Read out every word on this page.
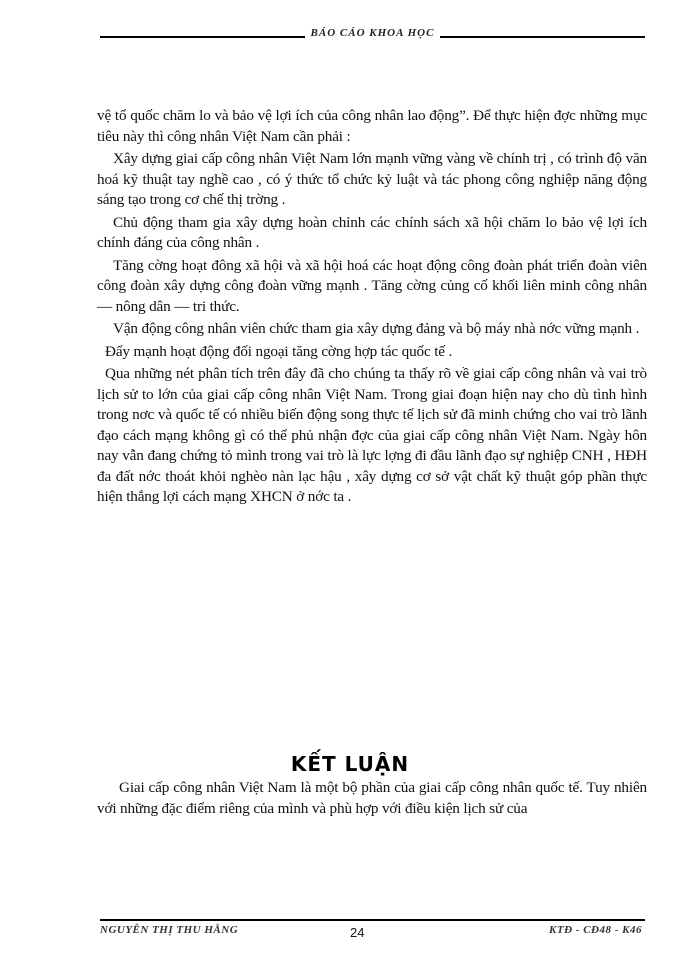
BÁO CÁO KHOA HỌC

vệ tổ quốc chăm lo và bảo vệ lợi ích của công nhân lao động”. Để thực hiện đợc những mục tiêu này thì công nhân Việt Nam cần phải :

Xây dựng giai cấp công nhân Việt Nam lớn mạnh vững vàng về chính trị , có trình độ văn hoá kỹ thuật tay nghề cao , có ý thức tổ chức kỷ luật và tác phong công nghiệp năng động sáng tạo trong cơ chế thị trờng .

Chủ động tham gia xây dựng hoàn chỉnh các chính sách xã hội chăm lo bảo vệ lợi ích chính đáng của công nhân .

Tăng cờng hoạt đông xã hội và xã hội hoá các hoạt động công đoàn phát triển đoàn viên công đoàn xây dựng công đoàn vững mạnh . Tăng cờng củng cố khối liên minh công nhân — nông dân — tri thức.

Vận động công nhân viên chức tham gia xây dựng đảng và bộ máy nhà nớc vững mạnh .

Đẩy mạnh hoạt động đối ngoại tăng cờng hợp tác quốc tế .

Qua những nét phân tích trên đây đã cho chúng ta thấy rõ về giai cấp công nhân và vai trò lịch sử to lớn của giai cấp công nhân Việt Nam. Trong giai đoạn hiện nay cho dù tình hình trong nơc và quốc tế có nhiều biến động song thực tế lịch sử đã minh chứng cho vai trò lãnh đạo cách mạng không gì có thể phủ nhận đợc của giai cấp công nhân Việt Nam. Ngày hôn nay vẫn đang chứng tỏ mình trong vai trò là lực lợng đi đầu lãnh đạo sự nghiệp CNH , HĐH đa đất nớc thoát khỏi nghèo nàn lạc hậu , xây dựng cơ sở vật chất kỹ thuật góp phần thực hiện thắng lợi cách mạng XHCN ở nớc ta .

KẾT LUẬN

Giai cấp công nhân Việt Nam là một bộ phần của giai cấp công nhân quốc tế. Tuy nhiên với những đặc điểm riêng của mình và phù hợp với điều kiện lịch sử của

NGUYỄN THỊ THU HẰNG	24	KTĐ - CĐ48 - K46
